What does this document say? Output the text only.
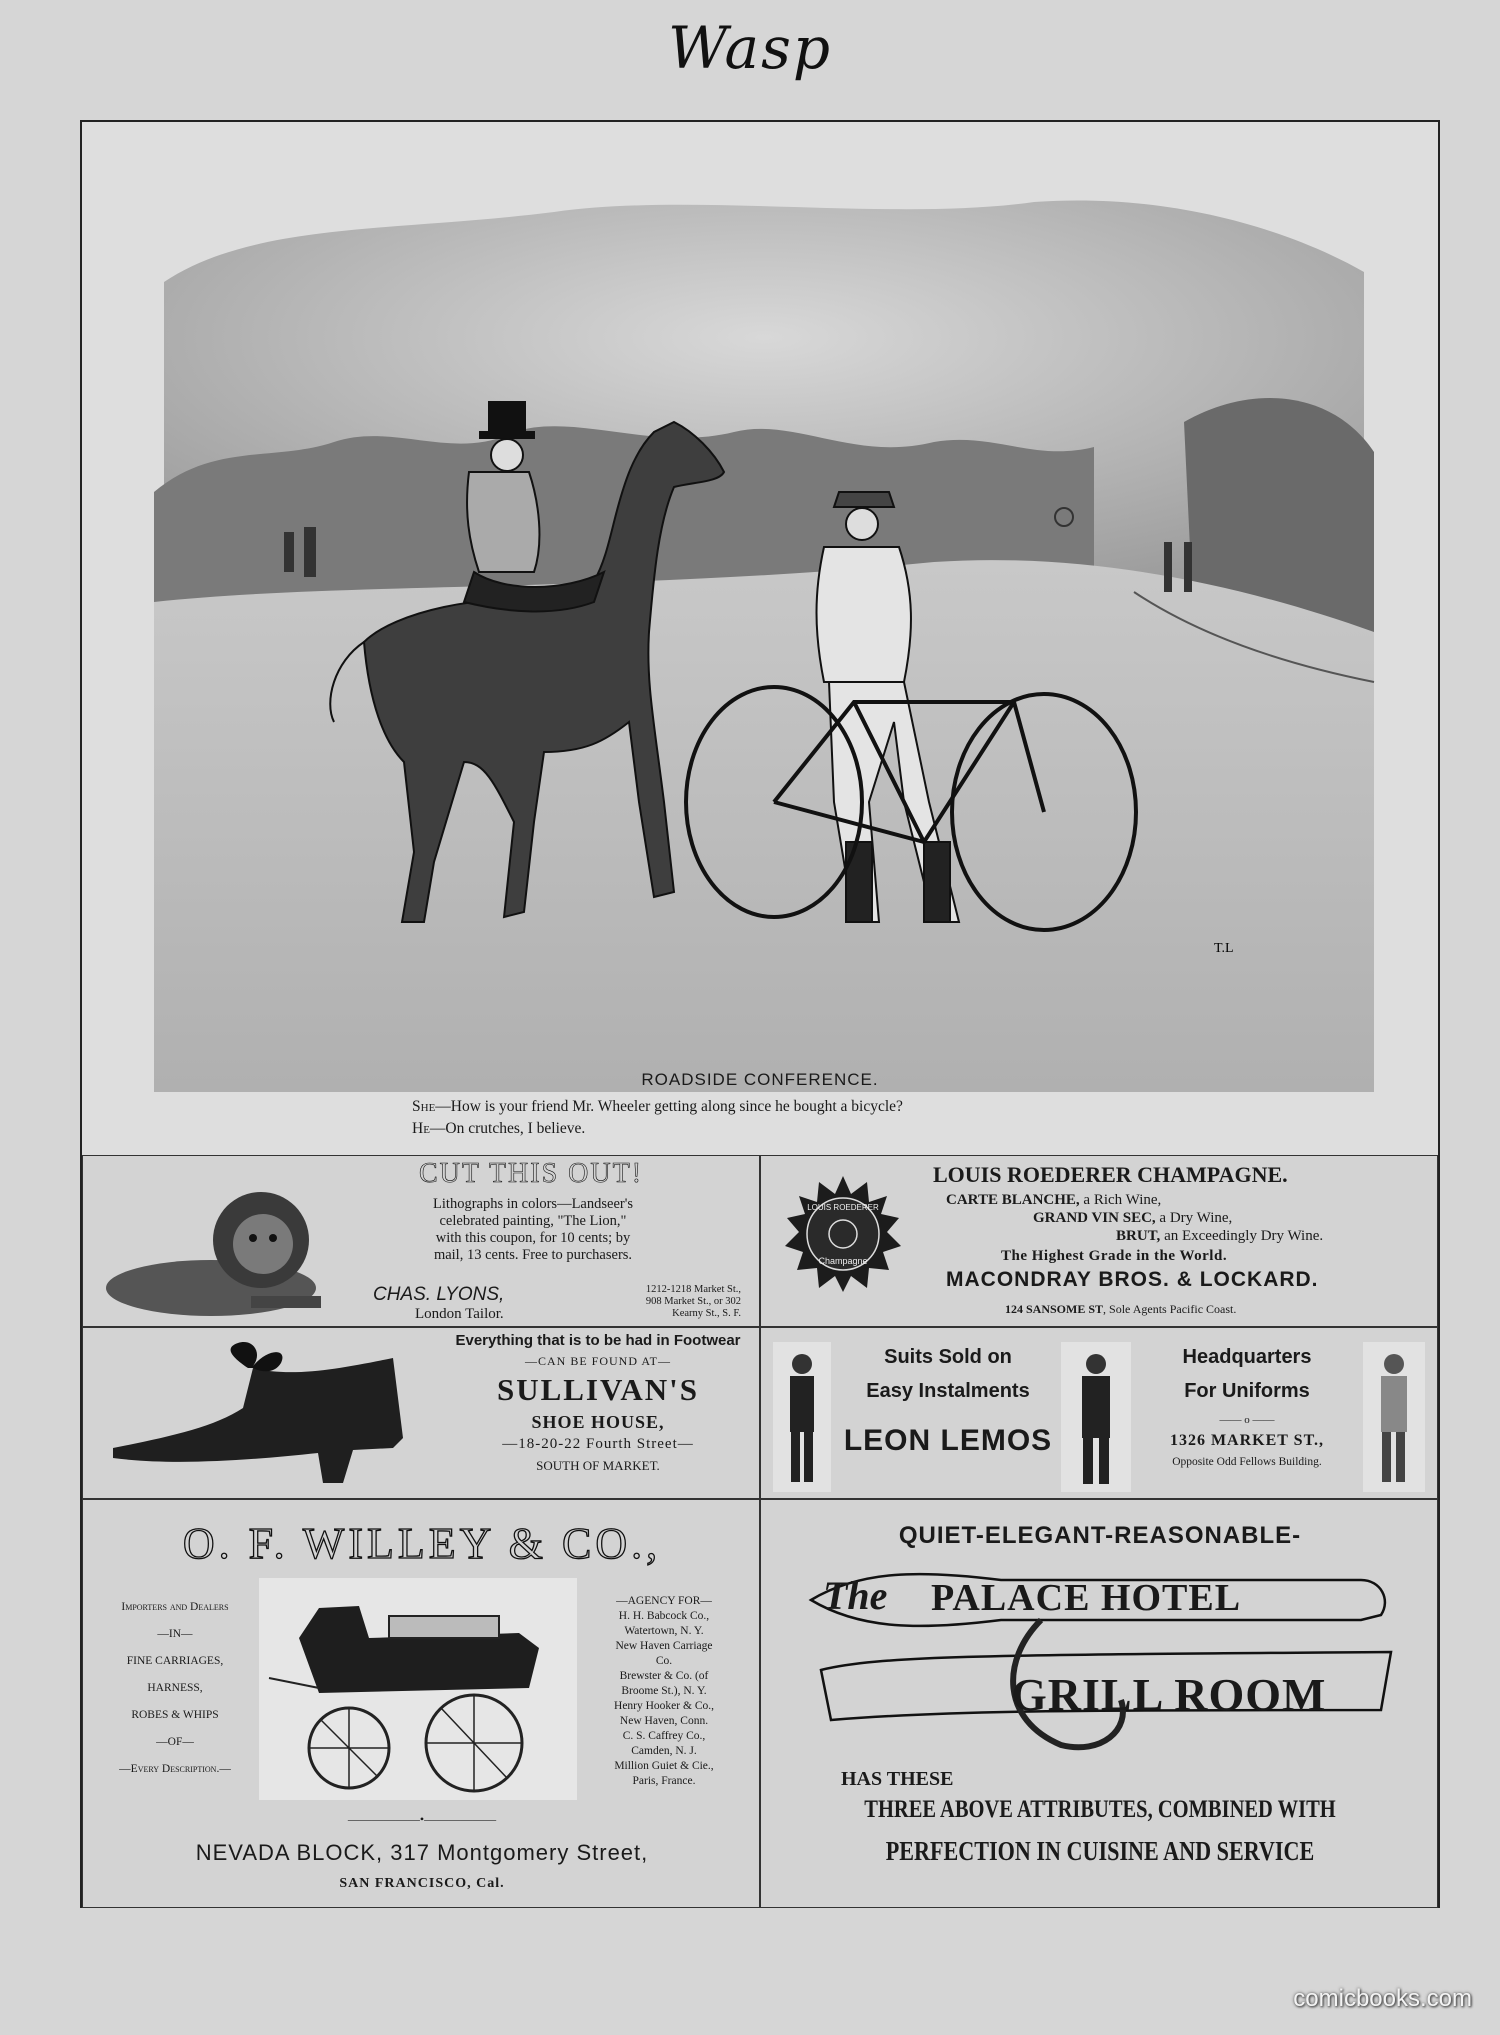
Wasp
T.L
ROADSIDE CONFERENCE.
She—How is your friend Mr. Wheeler getting along since he bought a bicycle?
He—On crutches, I believe.
CUT THIS OUT!
Lithographs in colors—Landseer's
celebrated painting, "The Lion,"
with this coupon, for 10 cents; by
mail, 13 cents. Free to purchasers.
CHAS. LYONS,
London Tailor.
1212-1218 Market St.,
908 Market St., or 302
Kearny St., S. F.
LOUIS ROEDERER
Champagne
LOUIS ROEDERER CHAMPAGNE.
CARTE BLANCHE, a Rich Wine,
GRAND VIN SEC, a Dry Wine,
BRUT, an Exceedingly Dry Wine.
The Highest Grade in the World.
MACONDRAY BROS. & LOCKARD.
124 SANSOME ST, Sole Agents Pacific Coast.
Everything that is to be had in Footwear
—CAN BE FOUND AT—
SULLIVAN'S
SHOE HOUSE,
—18-20-22 Fourth Street—
SOUTH OF MARKET.
Suits Sold on
Easy Instalments
LEON LEMOS
Headquarters
For Uniforms
—— o ——
1326 MARKET ST.,
Opposite Odd Fellows Building.
O. F. WILLEY & CO.,
Importers and Dealers
—IN—
FINE CARRIAGES,
HARNESS,
ROBES & WHIPS
—OF—
—Every Description.—
—AGENCY FOR—
H. H. Babcock Co.,
Watertown, N. Y.
New Haven Carriage
Co.
Brewster & Co. (of
Broome St.), N. Y.
Henry Hooker & Co.,
New Haven, Conn.
C. S. Caffrey Co.,
Camden, N. J.
Million Guiet & Cie.,
Paris, France.
——————•——————
NEVADA BLOCK, 317 Montgomery Street,
SAN FRANCISCO, Cal.
QUIET-ELEGANT-REASONABLE-
The PALACE HOTEL
GRILL ROOM
HAS THESE
THREE ABOVE ATTRIBUTES, COMBINED WITH
PERFECTION IN CUISINE AND SERVICE
comicbooks.com
